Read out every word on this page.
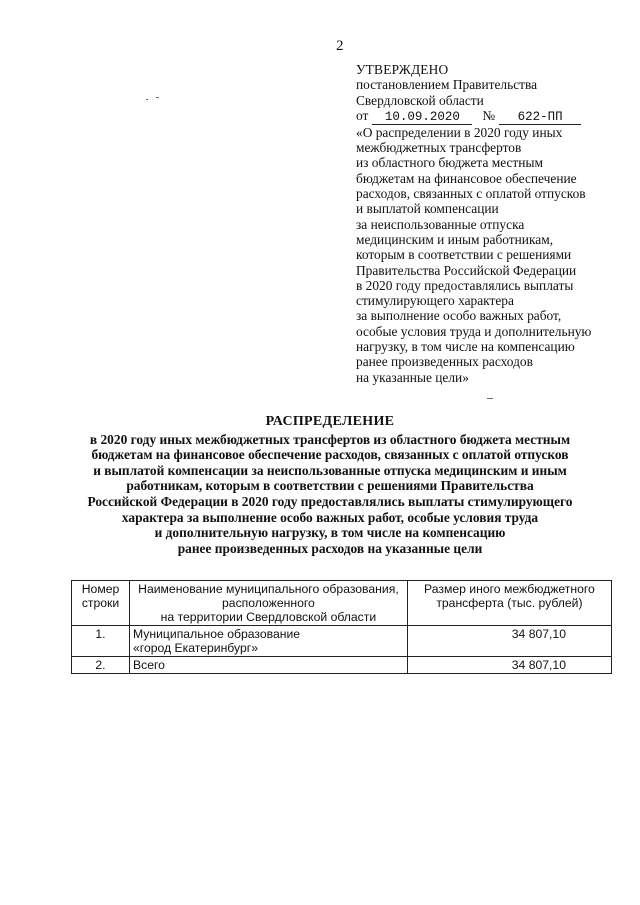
2
УТВЕРЖДЕНО
постановлением Правительства
Свердловской области
от 10.09.2020 № 622-ПП
«О распределении в 2020 году иных
межбюджетных трансфертов
из областного бюджета местным
бюджетам на финансовое обеспечение
расходов, связанных с оплатой отпусков
и выплатой компенсации
за неиспользованные отпуска
медицинским и иным работникам,
которым в соответствии с решениями
Правительства Российской Федерации
в 2020 году предоставлялись выплаты
стимулирующего характера
за выполнение особо важных работ,
особые условия труда и дополнительную
нагрузку, в том числе на компенсацию
ранее произведенных расходов
на указанные цели»
РАСПРЕДЕЛЕНИЕ
в 2020 году иных межбюджетных трансфертов из областного бюджета местным
бюджетам на финансовое обеспечение расходов, связанных с оплатой отпусков
и выплатой компенсации за неиспользованные отпуска медицинским и иным
работникам, которым в соответствии с решениями Правительства
Российской Федерации в 2020 году предоставлялись выплаты стимулирующего
характера за выполнение особо важных работ, особые условия труда
и дополнительную нагрузку, в том числе на компенсацию
ранее произведенных расходов на указанные цели
Номер
строки	Наименование муниципального образования,
расположенного
на территории Свердловской области	Размер иного межбюджетного
трансферта (тыс. рублей)

1.	Муниципальное образование
«город Екатеринбург»	34 807,10
2.	Всего	34 807,10
